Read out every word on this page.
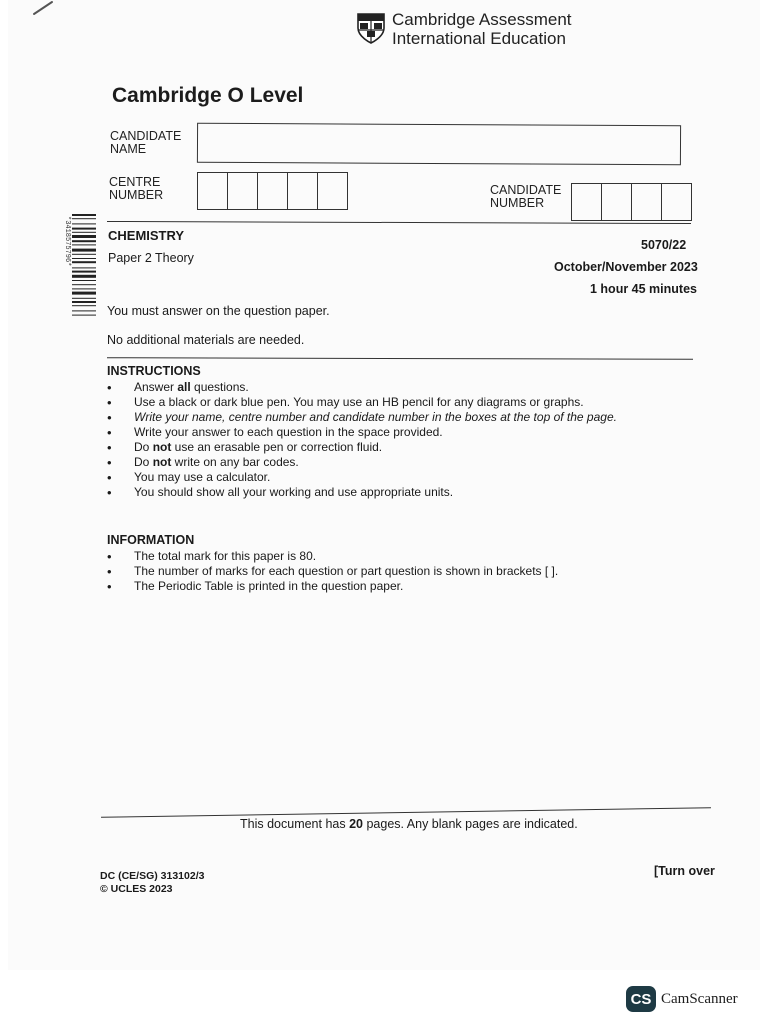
Cambridge Assessment
International Education
Cambridge O Level
CANDIDATE
NAME
CENTRE
NUMBER	CANDIDATE
NUMBER
*3418575796*	CHEMISTRY
Paper 2 Theory
5070/22
October/November 2023
1 hour 45 minutes
You must answer on the question paper.
No additional materials are needed.
INSTRUCTIONS
• Answer all questions.
• Use a black or dark blue pen. You may use an HB pencil for any diagrams or graphs.
• Write your name, centre number and candidate number in the boxes at the top of the page.
• Write your answer to each question in the space provided.
• Do not use an erasable pen or correction fluid.
• Do not write on any bar codes.
• You may use a calculator.
• You should show all your working and use appropriate units.
INFORMATION
• The total mark for this paper is 80.
• The number of marks for each question or part question is shown in brackets [ ].
• The Periodic Table is printed in the question paper.
This document has 20 pages. Any blank pages are indicated.
DC (CE/SG) 313102/3
© UCLES 2023
[Turn over
CS CamScanner
